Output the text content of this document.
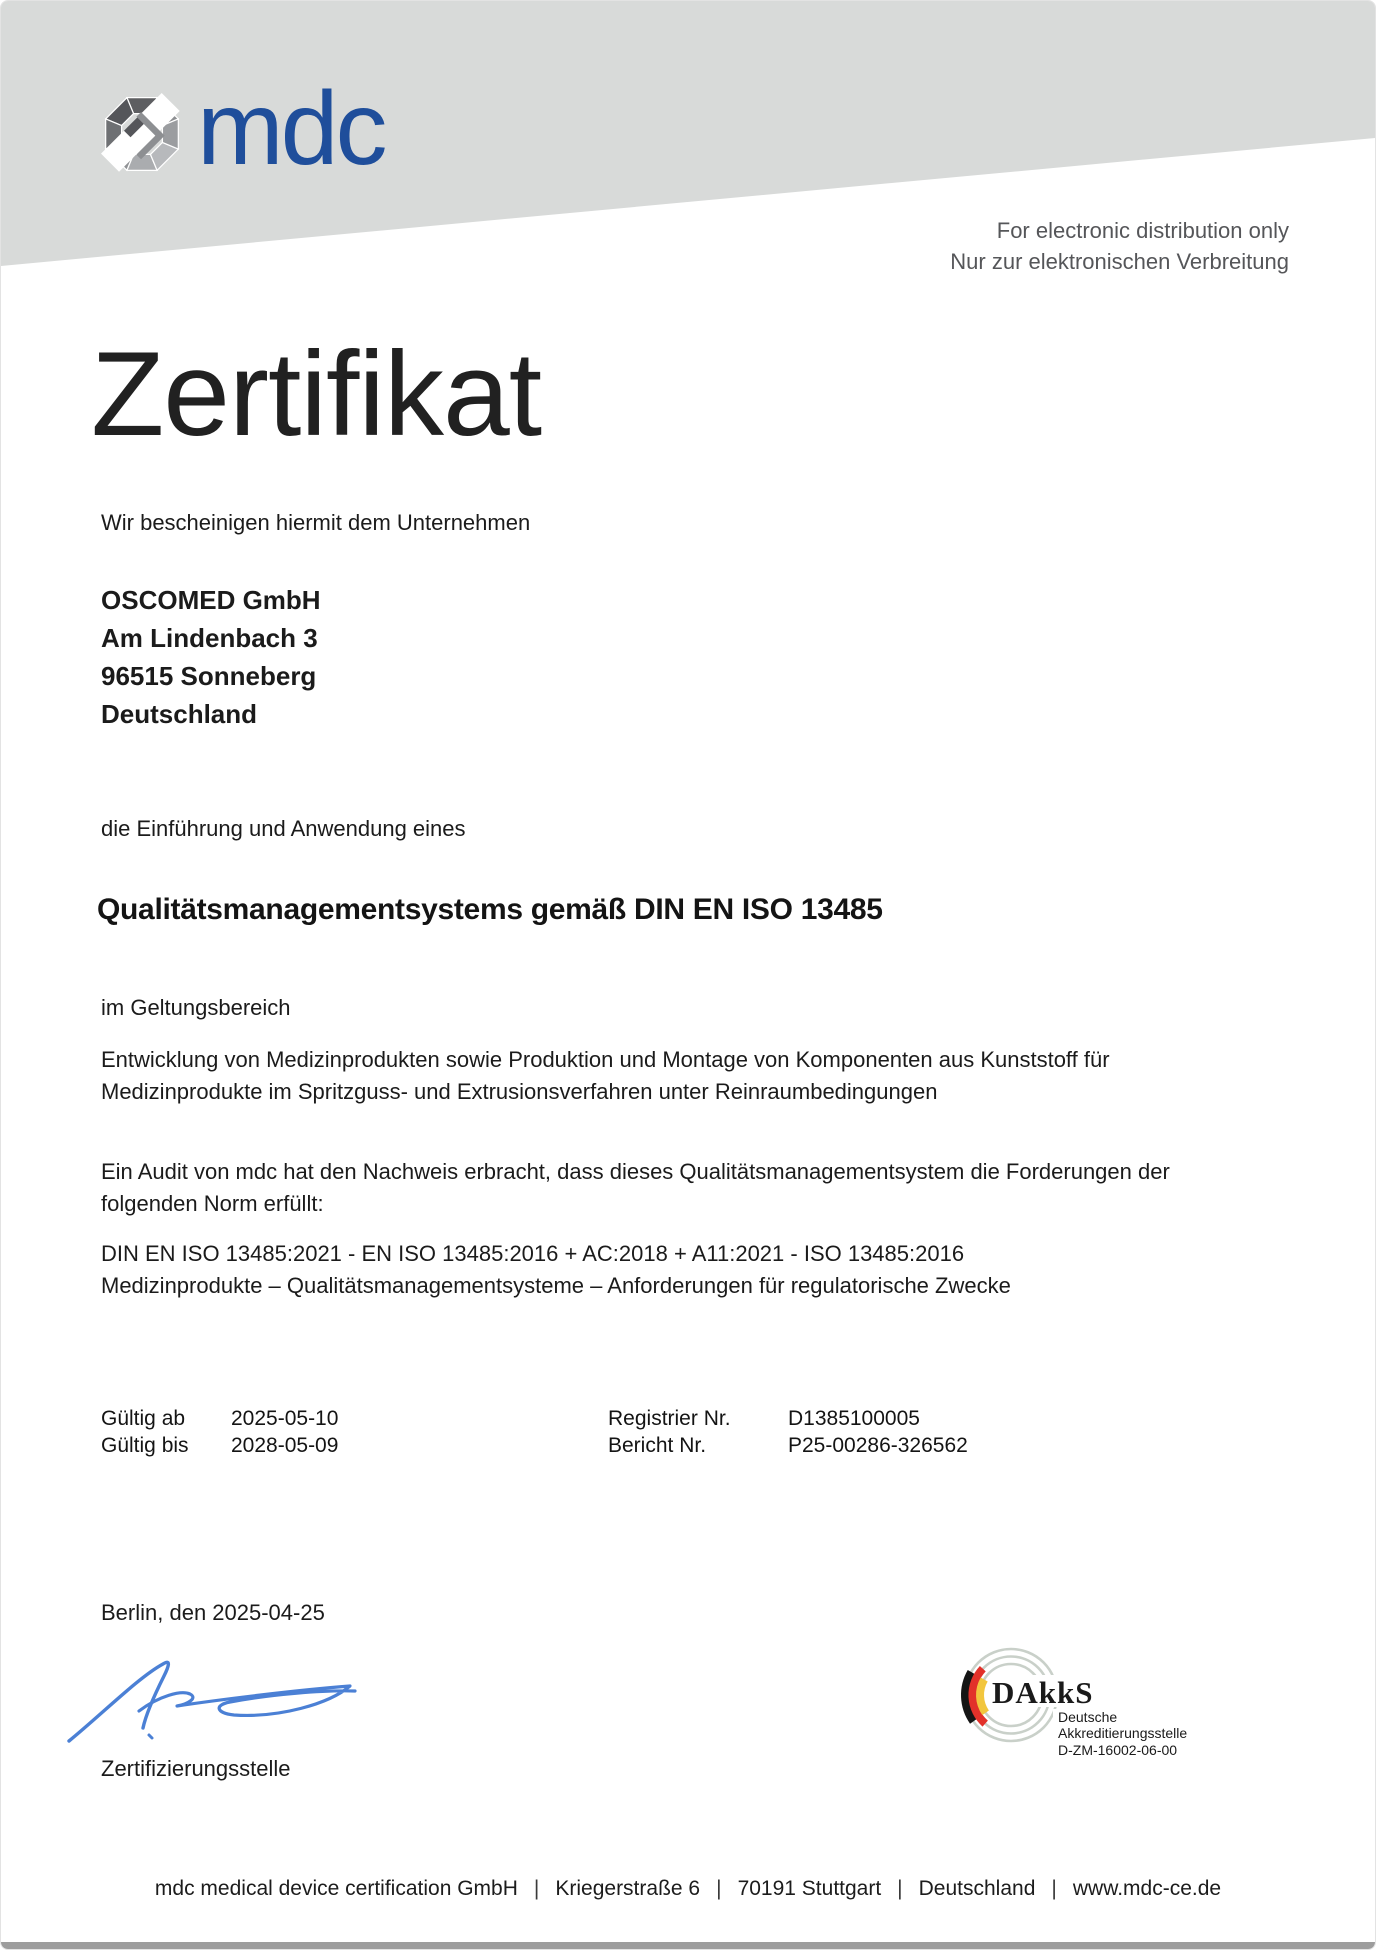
mdc
For electronic distribution only
Nur zur elektronischen Verbreitung
Zertifikat
Wir bescheinigen hiermit dem Unternehmen
OSCOMED GmbH
Am Lindenbach 3
96515 Sonneberg
Deutschland
die Einführung und Anwendung eines
Qualitätsmanagementsystems gemäß DIN EN ISO 13485
im Geltungsbereich
Entwicklung von Medizinprodukten sowie Produktion und Montage von Komponenten aus Kunststoff für
Medizinprodukte im Spritzguss- und Extrusionsverfahren unter Reinraumbedingungen
Ein Audit von mdc hat den Nachweis erbracht, dass dieses Qualitätsmanagementsystem die Forderungen der
folgenden Norm erfüllt:
DIN EN ISO 13485:2021 - EN ISO 13485:2016 + AC:2018 + A11:2021 - ISO 13485:2016
Medizinprodukte – Qualitätsmanagementsysteme – Anforderungen für regulatorische Zwecke
Gültig ab 2025-05-10
Gültig bis 2028-05-09
Registrier Nr.	D1385100005
Bericht Nr.	P25-00286-326562
Berlin, den 2025-04-25
Zertifizierungsstelle
DAkkS
Deutsche
Akkreditierungsstelle
D-ZM-16002-06-00
mdc medical device certification GmbH | Kriegerstraße 6 | 70191 Stuttgart | Deutschland | www.mdc-ce.de
